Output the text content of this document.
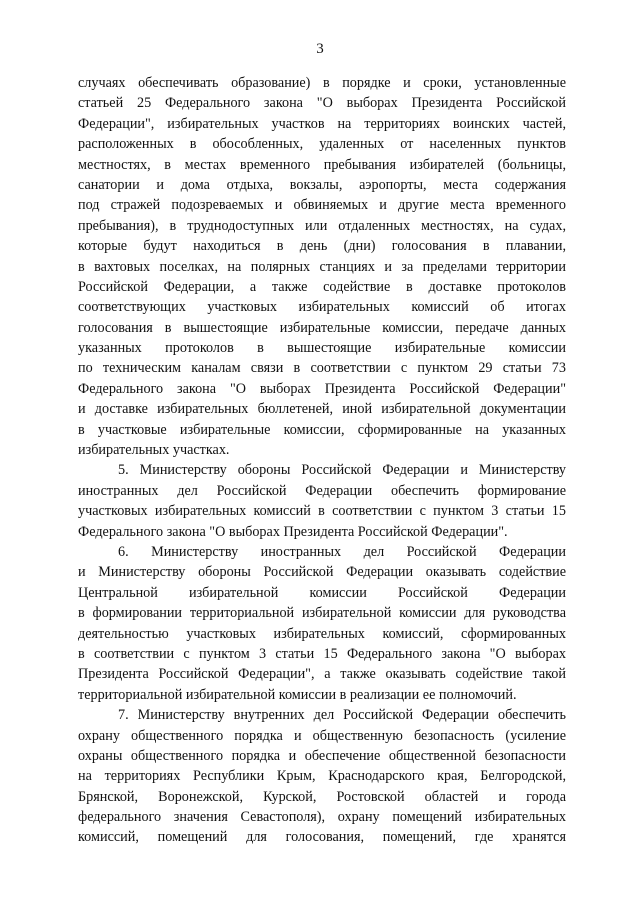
3
случаях обеспечивать образование) в порядке и сроки, установленные
статьей 25 Федерального закона "О выборах Президента Российской
Федерации", избирательных участков на территориях воинских частей,
расположенных в обособленных, удаленных от населенных пунктов
местностях, в местах временного пребывания избирателей (больницы,
санатории и дома отдыха, вокзалы, аэропорты, места содержания
под стражей подозреваемых и обвиняемых и другие места временного
пребывания), в труднодоступных или отдаленных местностях, на судах,
которые будут находиться в день (дни) голосования в плавании,
в вахтовых поселках, на полярных станциях и за пределами территории
Российской Федерации, а также содействие в доставке протоколов
соответствующих участковых избирательных комиссий об итогах
голосования в вышестоящие избирательные комиссии, передаче данных
указанных протоколов в вышестоящие избирательные комиссии
по техническим каналам связи в соответствии с пунктом 29 статьи 73
Федерального закона "О выборах Президента Российской Федерации"
и доставке избирательных бюллетеней, иной избирательной документации
в участковые избирательные комиссии, сформированные на указанных
избирательных участках.
5. Министерству обороны Российской Федерации и Министерству
иностранных дел Российской Федерации обеспечить формирование
участковых избирательных комиссий в соответствии с пунктом 3 статьи 15
Федерального закона "О выборах Президента Российской Федерации".
6. Министерству иностранных дел Российской Федерации
и Министерству обороны Российской Федерации оказывать содействие
Центральной избирательной комиссии Российской Федерации
в формировании территориальной избирательной комиссии для руководства
деятельностью участковых избирательных комиссий, сформированных
в соответствии с пунктом 3 статьи 15 Федерального закона "О выборах
Президента Российской Федерации", а также оказывать содействие такой
территориальной избирательной комиссии в реализации ее полномочий.
7. Министерству внутренних дел Российской Федерации обеспечить
охрану общественного порядка и общественную безопасность (усиление
охраны общественного порядка и обеспечение общественной безопасности
на территориях Республики Крым, Краснодарского края, Белгородской,
Брянской, Воронежской, Курской, Ростовской областей и города
федерального значения Севастополя), охрану помещений избирательных
комиссий, помещений для голосования, помещений, где хранятся
